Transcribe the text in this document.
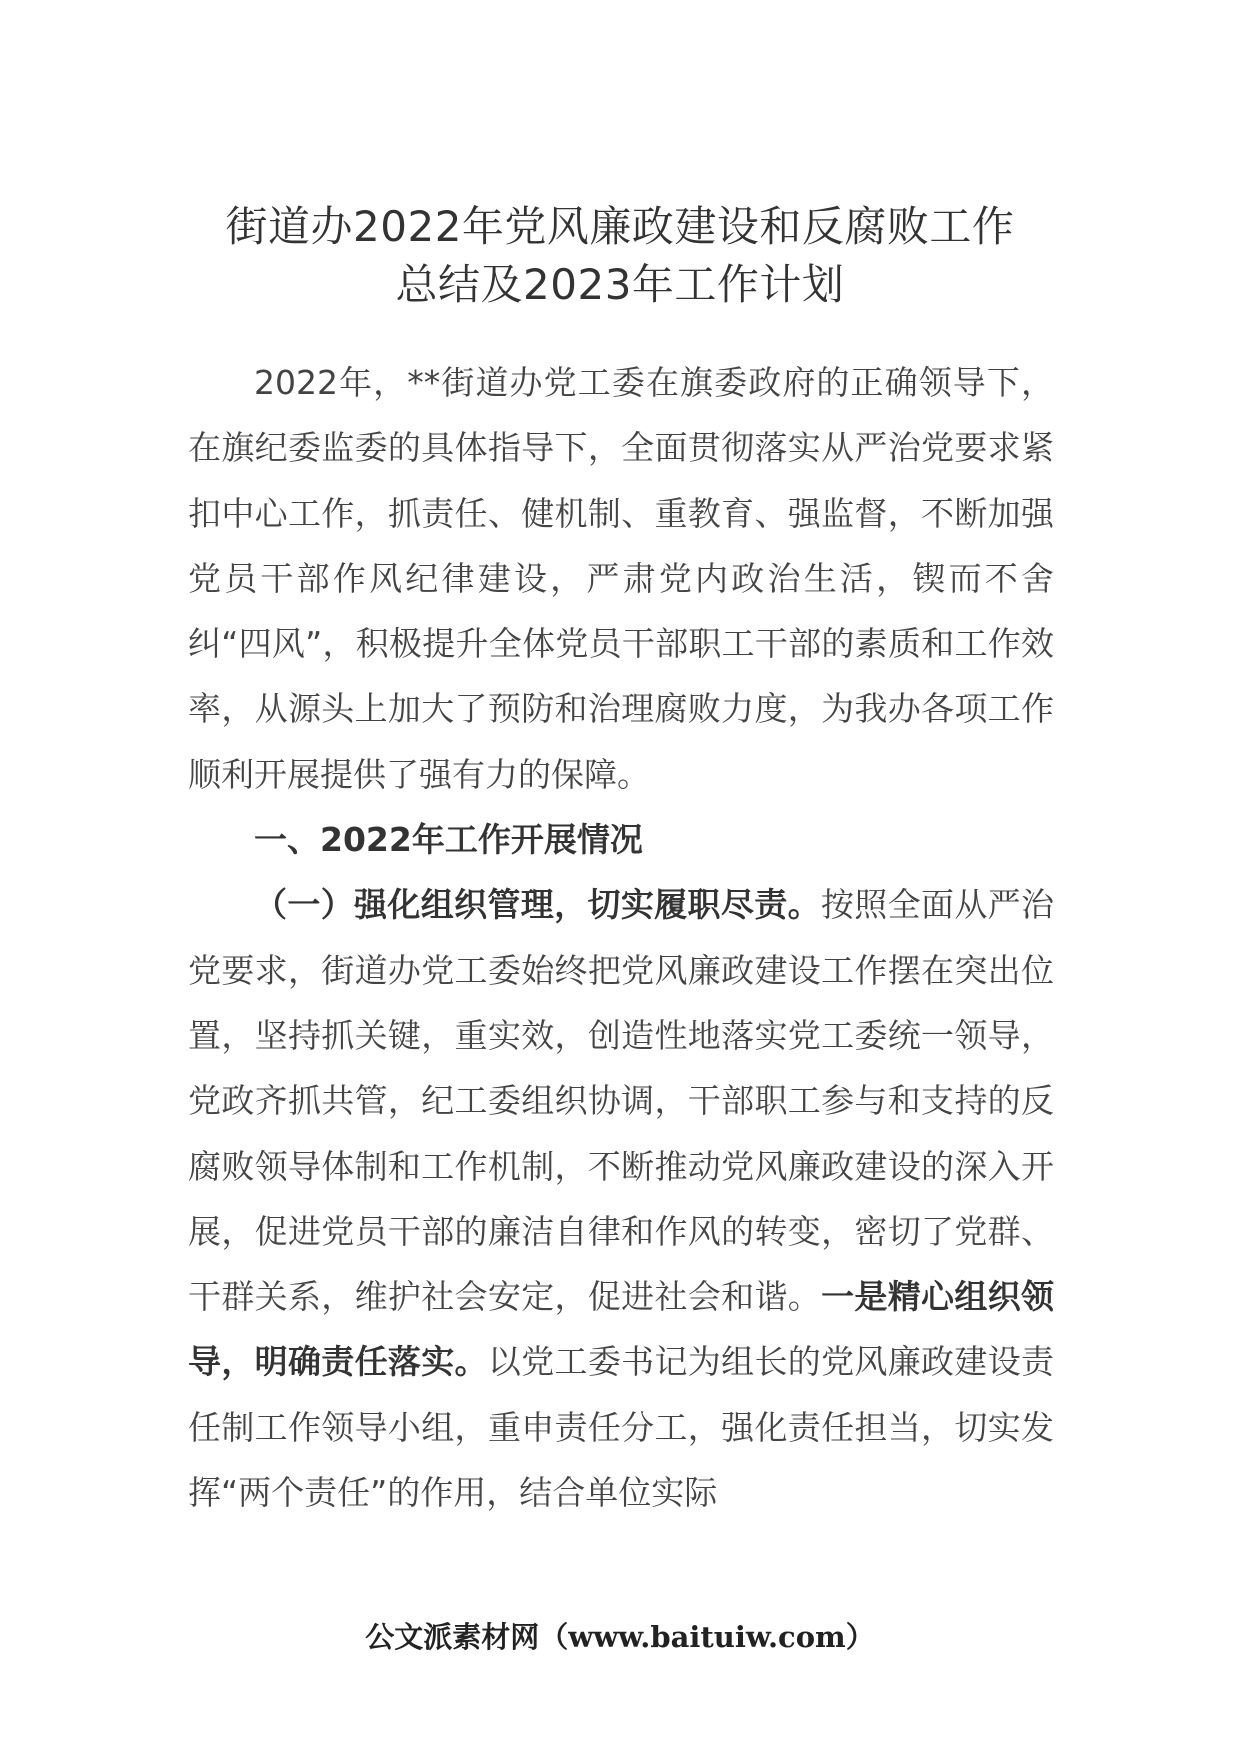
街道办2022年党风廉政建设和反腐败工作
总结及2023年工作计划

2022年，**街道办党工委在旗委政府的正确领导下，在旗纪委监委的具体指导下，全面贯彻落实从严治党要求紧扣中心工作，抓责任、健机制、重教育、强监督，不断加强党员干部作风纪律建设，严肃党内政治生活，锲而不舍纠“四风”，积极提升全体党员干部职工干部的素质和工作效率，从源头上加大了预防和治理腐败力度，为我办各项工作顺利开展提供了强有力的保障。

一、2022年工作开展情况

（一）强化组织管理，切实履职尽责。按照全面从严治党要求，街道办党工委始终把党风廉政建设工作摆在突出位置，坚持抓关键，重实效，创造性地落实党工委统一领导，党政齐抓共管，纪工委组织协调，干部职工参与和支持的反腐败领导体制和工作机制，不断推动党风廉政建设的深入开展，促进党员干部的廉洁自律和作风的转变，密切了党群、干群关系，维护社会安定，促进社会和谐。一是精心组织领导，明确责任落实。以党工委书记为组长的党风廉政建设责任制工作领导小组，重申责任分工，强化责任担当，切实发挥“两个责任”的作用，结合单位实际

公文派素材网（www.baituiw.com）
